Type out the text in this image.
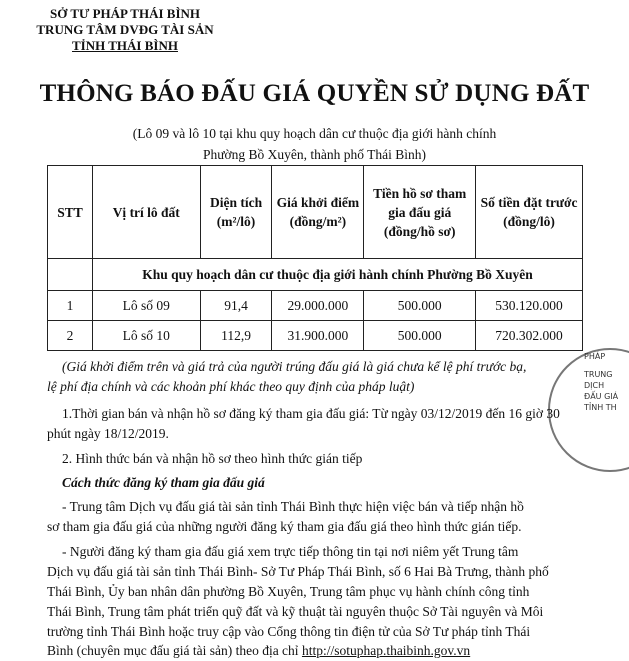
SỞ TƯ PHÁP THÁI BÌNH
TRUNG TÂM DVĐG TÀI SẢN
TỈNH THÁI BÌNH
THÔNG BÁO ĐẤU GIÁ QUYỀN SỬ DỤNG ĐẤT
(Lô 09 và lô 10 tại khu quy hoạch dân cư thuộc địa giới hành chính
Phường Bồ Xuyên, thành phố Thái Bình)
STT	Vị trí lô đất	Diện tích (m²/lô)	Giá khởi điểm (đồng/m²)	Tiền hồ sơ tham gia đấu giá (đồng/hồ sơ)	Số tiền đặt trước (đồng/lô)
	Khu quy hoạch dân cư thuộc địa giới hành chính Phường Bồ Xuyên				
1	Lô số 09	91,4	29.000.000	500.000	530.120.000
2	Lô số 10	112,9	31.900.000	500.000	720.302.000
PHÁP
TRUNG
DỊCH
ĐẤU GIÁ
TỈNH TH
(Giá khởi điểm trên và giá trả của người trúng đấu giá là giá chưa kể lệ phí trước bạ,
lệ phí địa chính và các khoản phí khác theo quy định của pháp luật)
1.Thời gian bán và nhận hồ sơ đăng ký tham gia đấu giá: Từ ngày 03/12/2019 đến 16 giờ 30
phút ngày 18/12/2019.
2. Hình thức bán và nhận hồ sơ theo hình thức gián tiếp
Cách thức đăng ký tham gia đấu giá
- Trung tâm Dịch vụ đấu giá tài sản tỉnh Thái Bình thực hiện việc bán và tiếp nhận hồ
sơ tham gia đấu giá của những người đăng ký tham gia đấu giá theo hình thức gián tiếp.
- Người đăng ký tham gia đấu giá xem trực tiếp thông tin tại nơi niêm yết Trung tâm
Dịch vụ đấu giá tài sản tỉnh Thái Bình- Sở Tư Pháp Thái Bình, số 6 Hai Bà Trưng, thành phố
Thái Bình, Ủy ban nhân dân phường Bồ Xuyên, Trung tâm phục vụ hành chính công tỉnh
Thái Bình, Trung tâm phát triển quỹ đất và kỹ thuật tài nguyên thuộc Sở Tài nguyên và Môi
trường tỉnh Thái Bình hoặc truy cập vào Cổng thông tin điện tử của Sở Tư pháp tỉnh Thái
Bình (chuyên mục đấu giá tài sản) theo địa chỉ http://sotuphap.thaibinh.gov.vn
